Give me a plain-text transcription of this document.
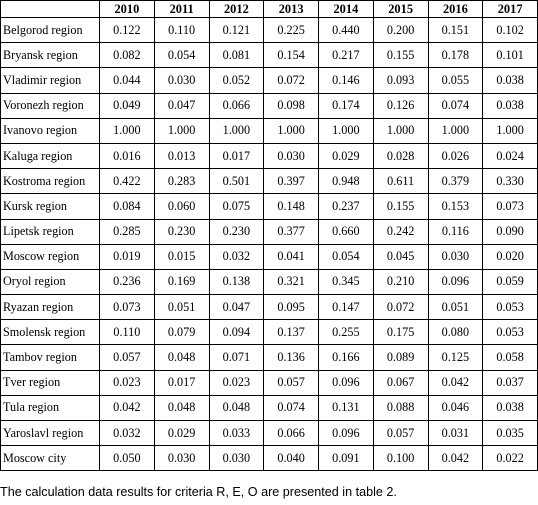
	2010	2011	2012	2013	2014	2015	2016	2017
Belgorod region	0.122	0.110	0.121	0.225	0.440	0.200	0.151	0.102
Bryansk region	0.082	0.054	0.081	0.154	0.217	0.155	0.178	0.101
Vladimir region	0.044	0.030	0.052	0.072	0.146	0.093	0.055	0.038
Voronezh region	0.049	0.047	0.066	0.098	0.174	0.126	0.074	0.038
Ivanovo region	1.000	1.000	1.000	1.000	1.000	1.000	1.000	1.000
Kaluga region	0.016	0.013	0.017	0.030	0.029	0.028	0.026	0.024
Kostroma region	0.422	0.283	0.501	0.397	0.948	0.611	0.379	0.330
Kursk region	0.084	0.060	0.075	0.148	0.237	0.155	0.153	0.073
Lipetsk region	0.285	0.230	0.230	0.377	0.660	0.242	0.116	0.090
Moscow region	0.019	0.015	0.032	0.041	0.054	0.045	0.030	0.020
Oryol region	0.236	0.169	0.138	0.321	0.345	0.210	0.096	0.059
Ryazan region	0.073	0.051	0.047	0.095	0.147	0.072	0.051	0.053
Smolensk region	0.110	0.079	0.094	0.137	0.255	0.175	0.080	0.053
Tambov region	0.057	0.048	0.071	0.136	0.166	0.089	0.125	0.058
Tver region	0.023	0.017	0.023	0.057	0.096	0.067	0.042	0.037
Tula region	0.042	0.048	0.048	0.074	0.131	0.088	0.046	0.038
Yaroslavl region	0.032	0.029	0.033	0.066	0.096	0.057	0.031	0.035
Moscow city	0.050	0.030	0.030	0.040	0.091	0.100	0.042	0.022
The calculation data results for criteria R, E, O are presented in table 2.
